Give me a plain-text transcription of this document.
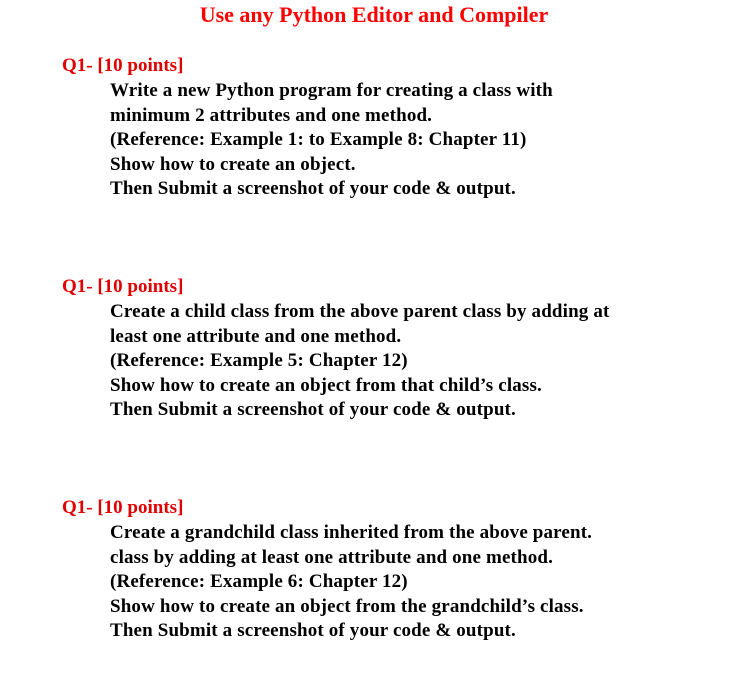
Use any Python Editor and Compiler
Q1- [10 points]
Write a new Python program for creating a class with
minimum 2 attributes and one method.
(Reference: Example 1: to Example 8: Chapter 11)
Show how to create an object.
Then Submit a screenshot of your code & output.
Q1- [10 points]
Create a child class from the above parent class by adding at
least one attribute and one method.
(Reference: Example 5: Chapter 12)
Show how to create an object from that child’s class.
Then Submit a screenshot of your code & output.
Q1- [10 points]
Create a grandchild class inherited from the above parent.
class by adding at least one attribute and one method.
(Reference: Example 6: Chapter 12)
Show how to create an object from the grandchild’s class.
Then Submit a screenshot of your code & output.
